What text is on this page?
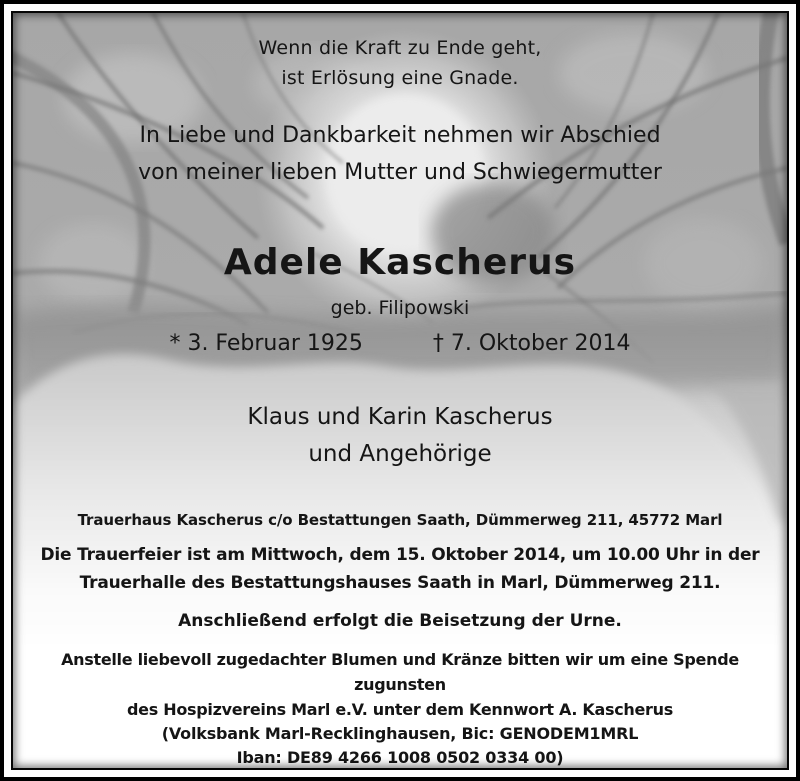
Wenn die Kraft zu Ende geht,
ist Erlösung eine Gnade.
In Liebe und Dankbarkeit nehmen wir Abschied
von meiner lieben Mutter und Schwiegermutter
Adele Kascherus
geb. Filipowski
* 3. Februar 1925	† 7. Oktober 2014
Klaus und Karin Kascherus
und Angehörige
Trauerhaus Kascherus c/o Bestattungen Saath, Dümmerweg 211, 45772 Marl
Die Trauerfeier ist am Mittwoch, dem 15. Oktober 2014, um 10.00 Uhr in der
Trauerhalle des Bestattungshauses Saath in Marl, Dümmerweg 211.
Anschließend erfolgt die Beisetzung der Urne.
Anstelle liebevoll zugedachter Blumen und Kränze bitten wir um eine Spende zugunsten
des Hospizvereins Marl e.V. unter dem Kennwort A. Kascherus
(Volksbank Marl-Recklinghausen, Bic: GENODEM1MRL
Iban: DE89 4266 1008 0502 0334 00)
